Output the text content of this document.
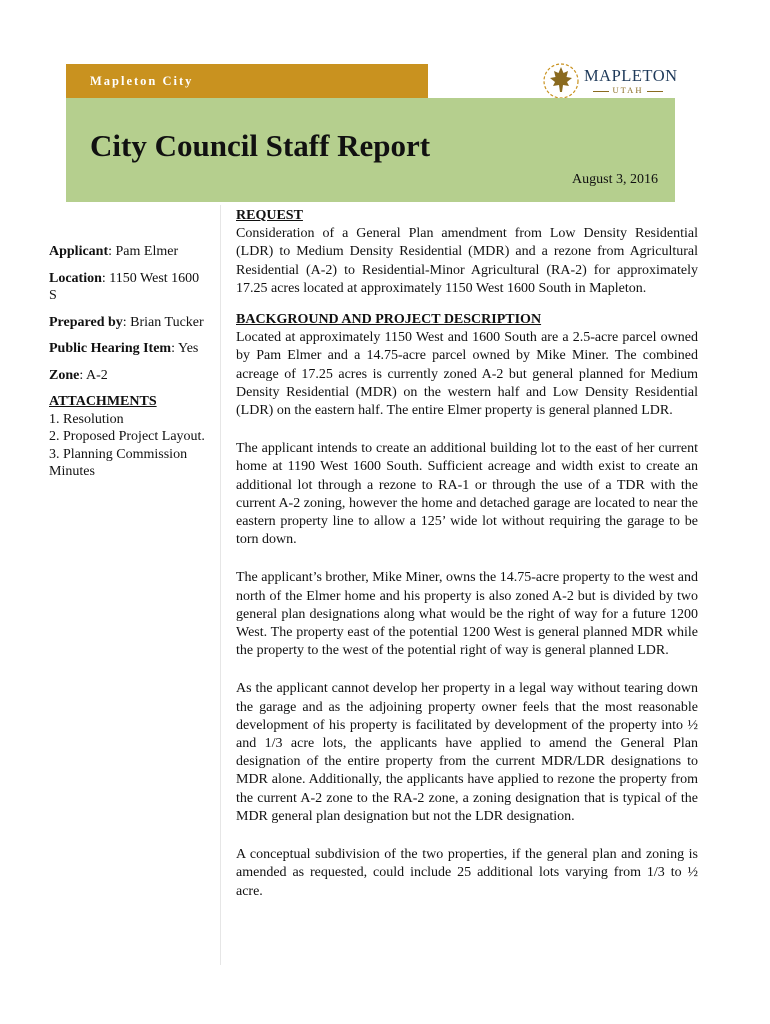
Mapleton City	MAPLETON
UTAH
City Council Staff Report
August 3, 2016

Applicant: Pam Elmer

Location: 1150 West 1600 S

Prepared by: Brian Tucker

Public Hearing Item: Yes

Zone: A-2

ATTACHMENTS

1. Resolution

2. Proposed Project Layout.

3. Planning Commission Minutes

REQUEST

Consideration of a General Plan amendment from Low Density Residential (LDR) to Medium Density Residential (MDR) and a rezone from Agricultural Residential (A-2) to Residential-Minor Agricultural (RA-2) for approximately 17.25 acres located at approximately 1150 West 1600 South in Mapleton.

BACKGROUND AND PROJECT DESCRIPTION

Located at approximately 1150 West and 1600 South are a 2.5-acre parcel owned by Pam Elmer and a 14.75-acre parcel owned by Mike Miner. The combined acreage of 17.25 acres is currently zoned A-2 but general planned for Medium Density Residential (MDR) on the western half and Low Density Residential (LDR) on the eastern half. The entire Elmer property is general planned LDR.

The applicant intends to create an additional building lot to the east of her current home at 1190 West 1600 South. Sufficient acreage and width exist to create an additional lot through a rezone to RA-1 or through the use of a TDR with the current A-2 zoning, however the home and detached garage are located to near the eastern property line to allow a 125’ wide lot without requiring the garage to be torn down.

The applicant’s brother, Mike Miner, owns the 14.75-acre property to the west and north of the Elmer home and his property is also zoned A-2 but is divided by two general plan designations along what would be the right of way for a future 1200 West. The property east of the potential 1200 West is general planned MDR while the property to the west of the potential right of way is general planned LDR.

As the applicant cannot develop her property in a legal way without tearing down the garage and as the adjoining property owner feels that the most reasonable development of his property is facilitated by development of the property into ½ and 1/3 acre lots, the applicants have applied to amend the General Plan designation of the entire property from the current MDR/LDR designations to MDR alone. Additionally, the applicants have applied to rezone the property from the current A-2 zone to the RA-2 zone, a zoning designation that is typical of the MDR general plan designation but not the LDR designation.

A conceptual subdivision of the two properties, if the general plan and zoning is amended as requested, could include 25 additional lots varying from 1/3 to ½ acre.
